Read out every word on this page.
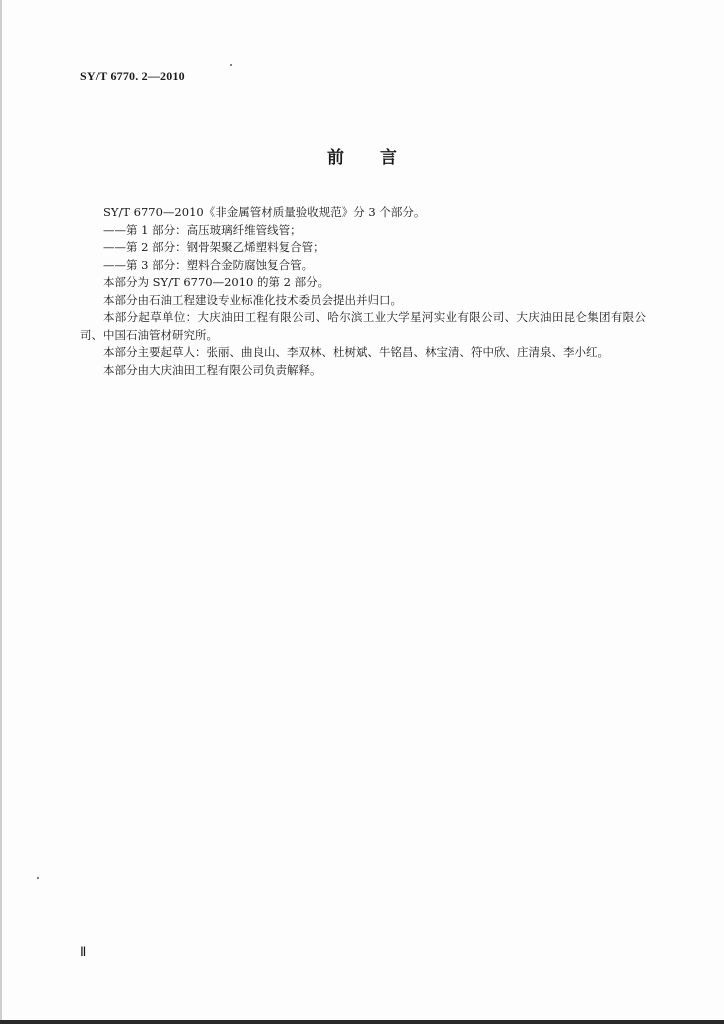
SY/T 6770. 2—2010
前言

SY/T 6770—2010《非金属管材质量验收规范》分 3 个部分。

——第 1 部分：高压玻璃纤维管线管；

——第 2 部分：钢骨架聚乙烯塑料复合管；

——第 3 部分：塑料合金防腐蚀复合管。

本部分为 SY/T 6770—2010 的第 2 部分。

本部分由石油工程建设专业标准化技术委员会提出并归口。

本部分起草单位：大庆油田工程有限公司、哈尔滨工业大学星河实业有限公司、大庆油田昆仑集团有限公司、中国石油管材研究所。

本部分主要起草人：张丽、曲良山、李双林、杜树斌、牛铭昌、林宝清、符中欣、庄清泉、李小红。

本部分由大庆油田工程有限公司负责解释。

Ⅱ
